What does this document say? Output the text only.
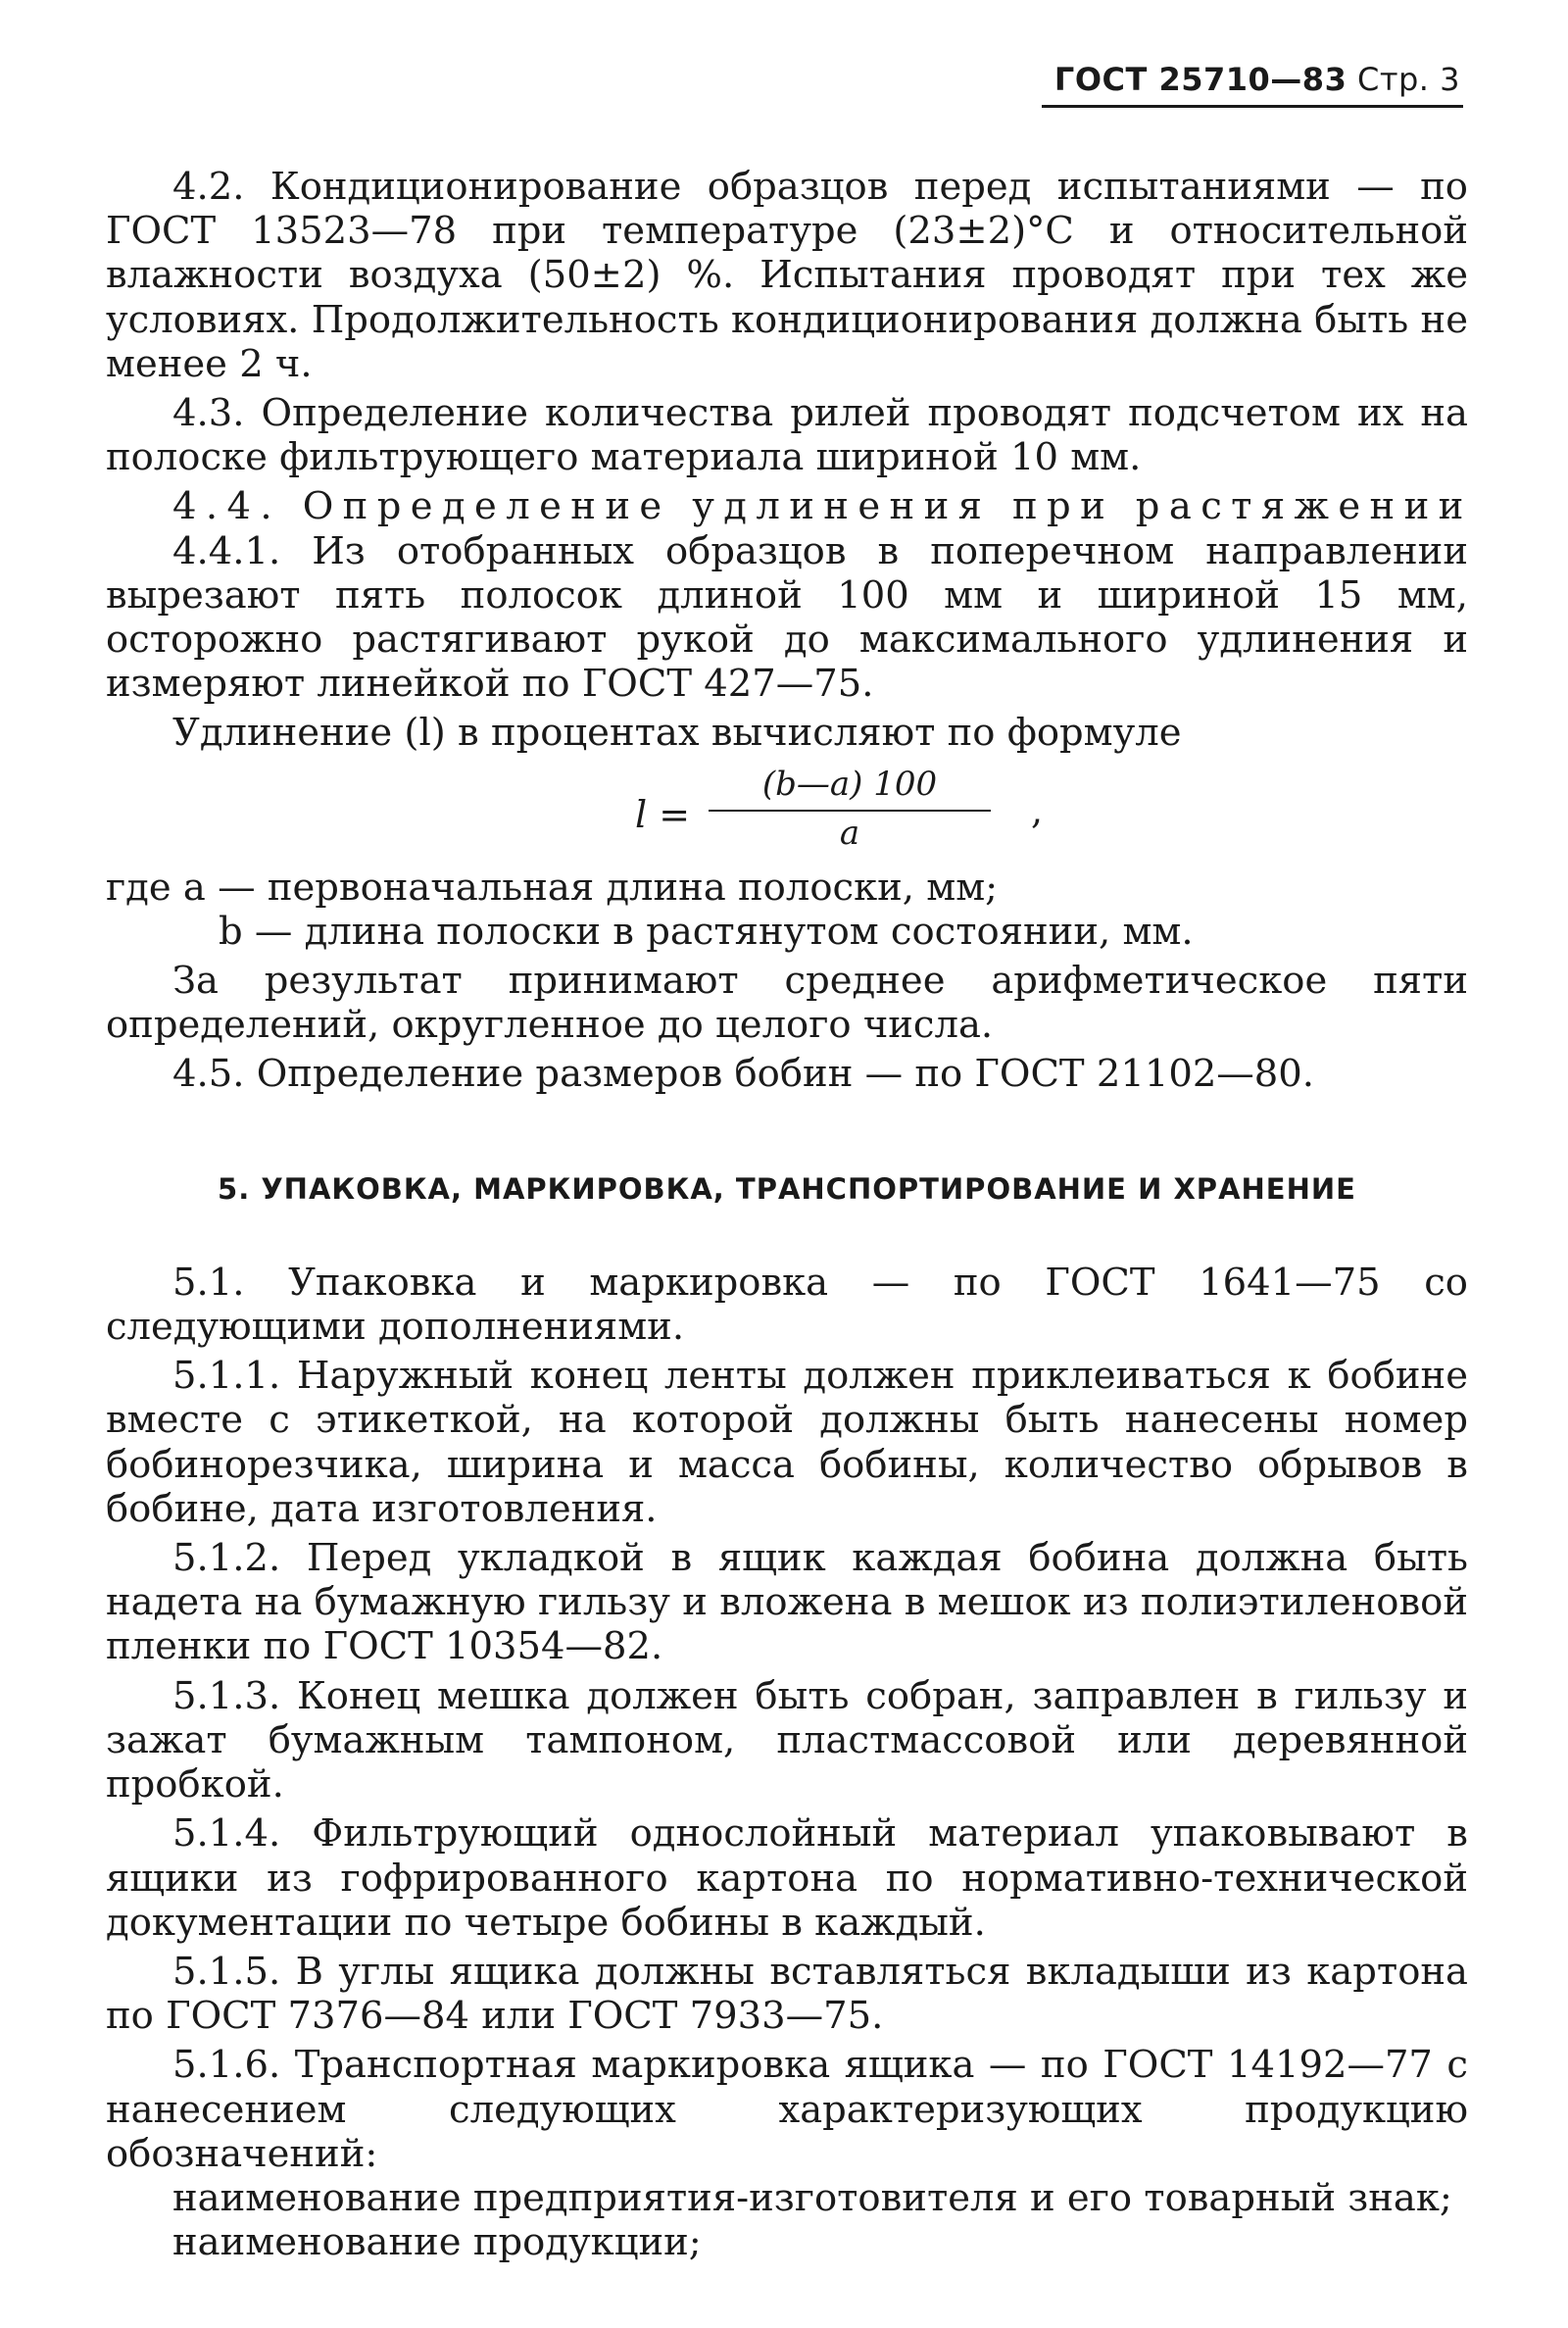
ГОСТ 25710—83 Стр. 3

4.2. Кондиционирование образцов перед испытаниями — по ГОСТ 13523—78 при температуре (23±2)°С и относительной влажности воздуха (50±2) %. Испытания проводят при тех же условиях. Продолжительность кондиционирования должна быть не менее 2 ч.

4.3. Определение количества рилей проводят подсчетом их на полоске фильтрующего материала шириной 10 мм.

4.4. Определение удлинения при растяжении

4.4.1. Из отобранных образцов в поперечном направлении вырезают пять полосок длиной 100 мм и шириной 15 мм, осторожно растягивают рукой до максимального удлинения и измеряют линейкой по ГОСТ 427—75.

Удлинение (l) в процентах вычисляют по формуле

l =
(b—a) 100
a
,

где a — первоначальная длина полоски, мм;

b — длина полоски в растянутом состоянии, мм.

За результат принимают среднее арифметическое пяти определений, округленное до целого числа.

4.5. Определение размеров бобин — по ГОСТ 21102—80.

5. УПАКОВКА, МАРКИРОВКА, ТРАНСПОРТИРОВАНИЕ И ХРАНЕНИЕ

5.1. Упаковка и маркировка — по ГОСТ 1641—75 со следующими дополнениями.

5.1.1. Наружный конец ленты должен приклеиваться к бобине вместе с этикеткой, на которой должны быть нанесены номер бобинорезчика, ширина и масса бобины, количество обрывов в бобине, дата изготовления.

5.1.2. Перед укладкой в ящик каждая бобина должна быть надета на бумажную гильзу и вложена в мешок из полиэтиленовой пленки по ГОСТ 10354—82.

5.1.3. Конец мешка должен быть собран, заправлен в гильзу и зажат бумажным тампоном, пластмассовой или деревянной пробкой.

5.1.4. Фильтрующий однослойный материал упаковывают в ящики из гофрированного картона по нормативно-технической документации по четыре бобины в каждый.

5.1.5. В углы ящика должны вставляться вкладыши из картона по ГОСТ 7376—84 или ГОСТ 7933—75.

5.1.6. Транспортная маркировка ящика — по ГОСТ 14192—77 с нанесением следующих характеризующих продукцию обозначений:

наименование предприятия-изготовителя и его товарный знак;

наименование продукции;
